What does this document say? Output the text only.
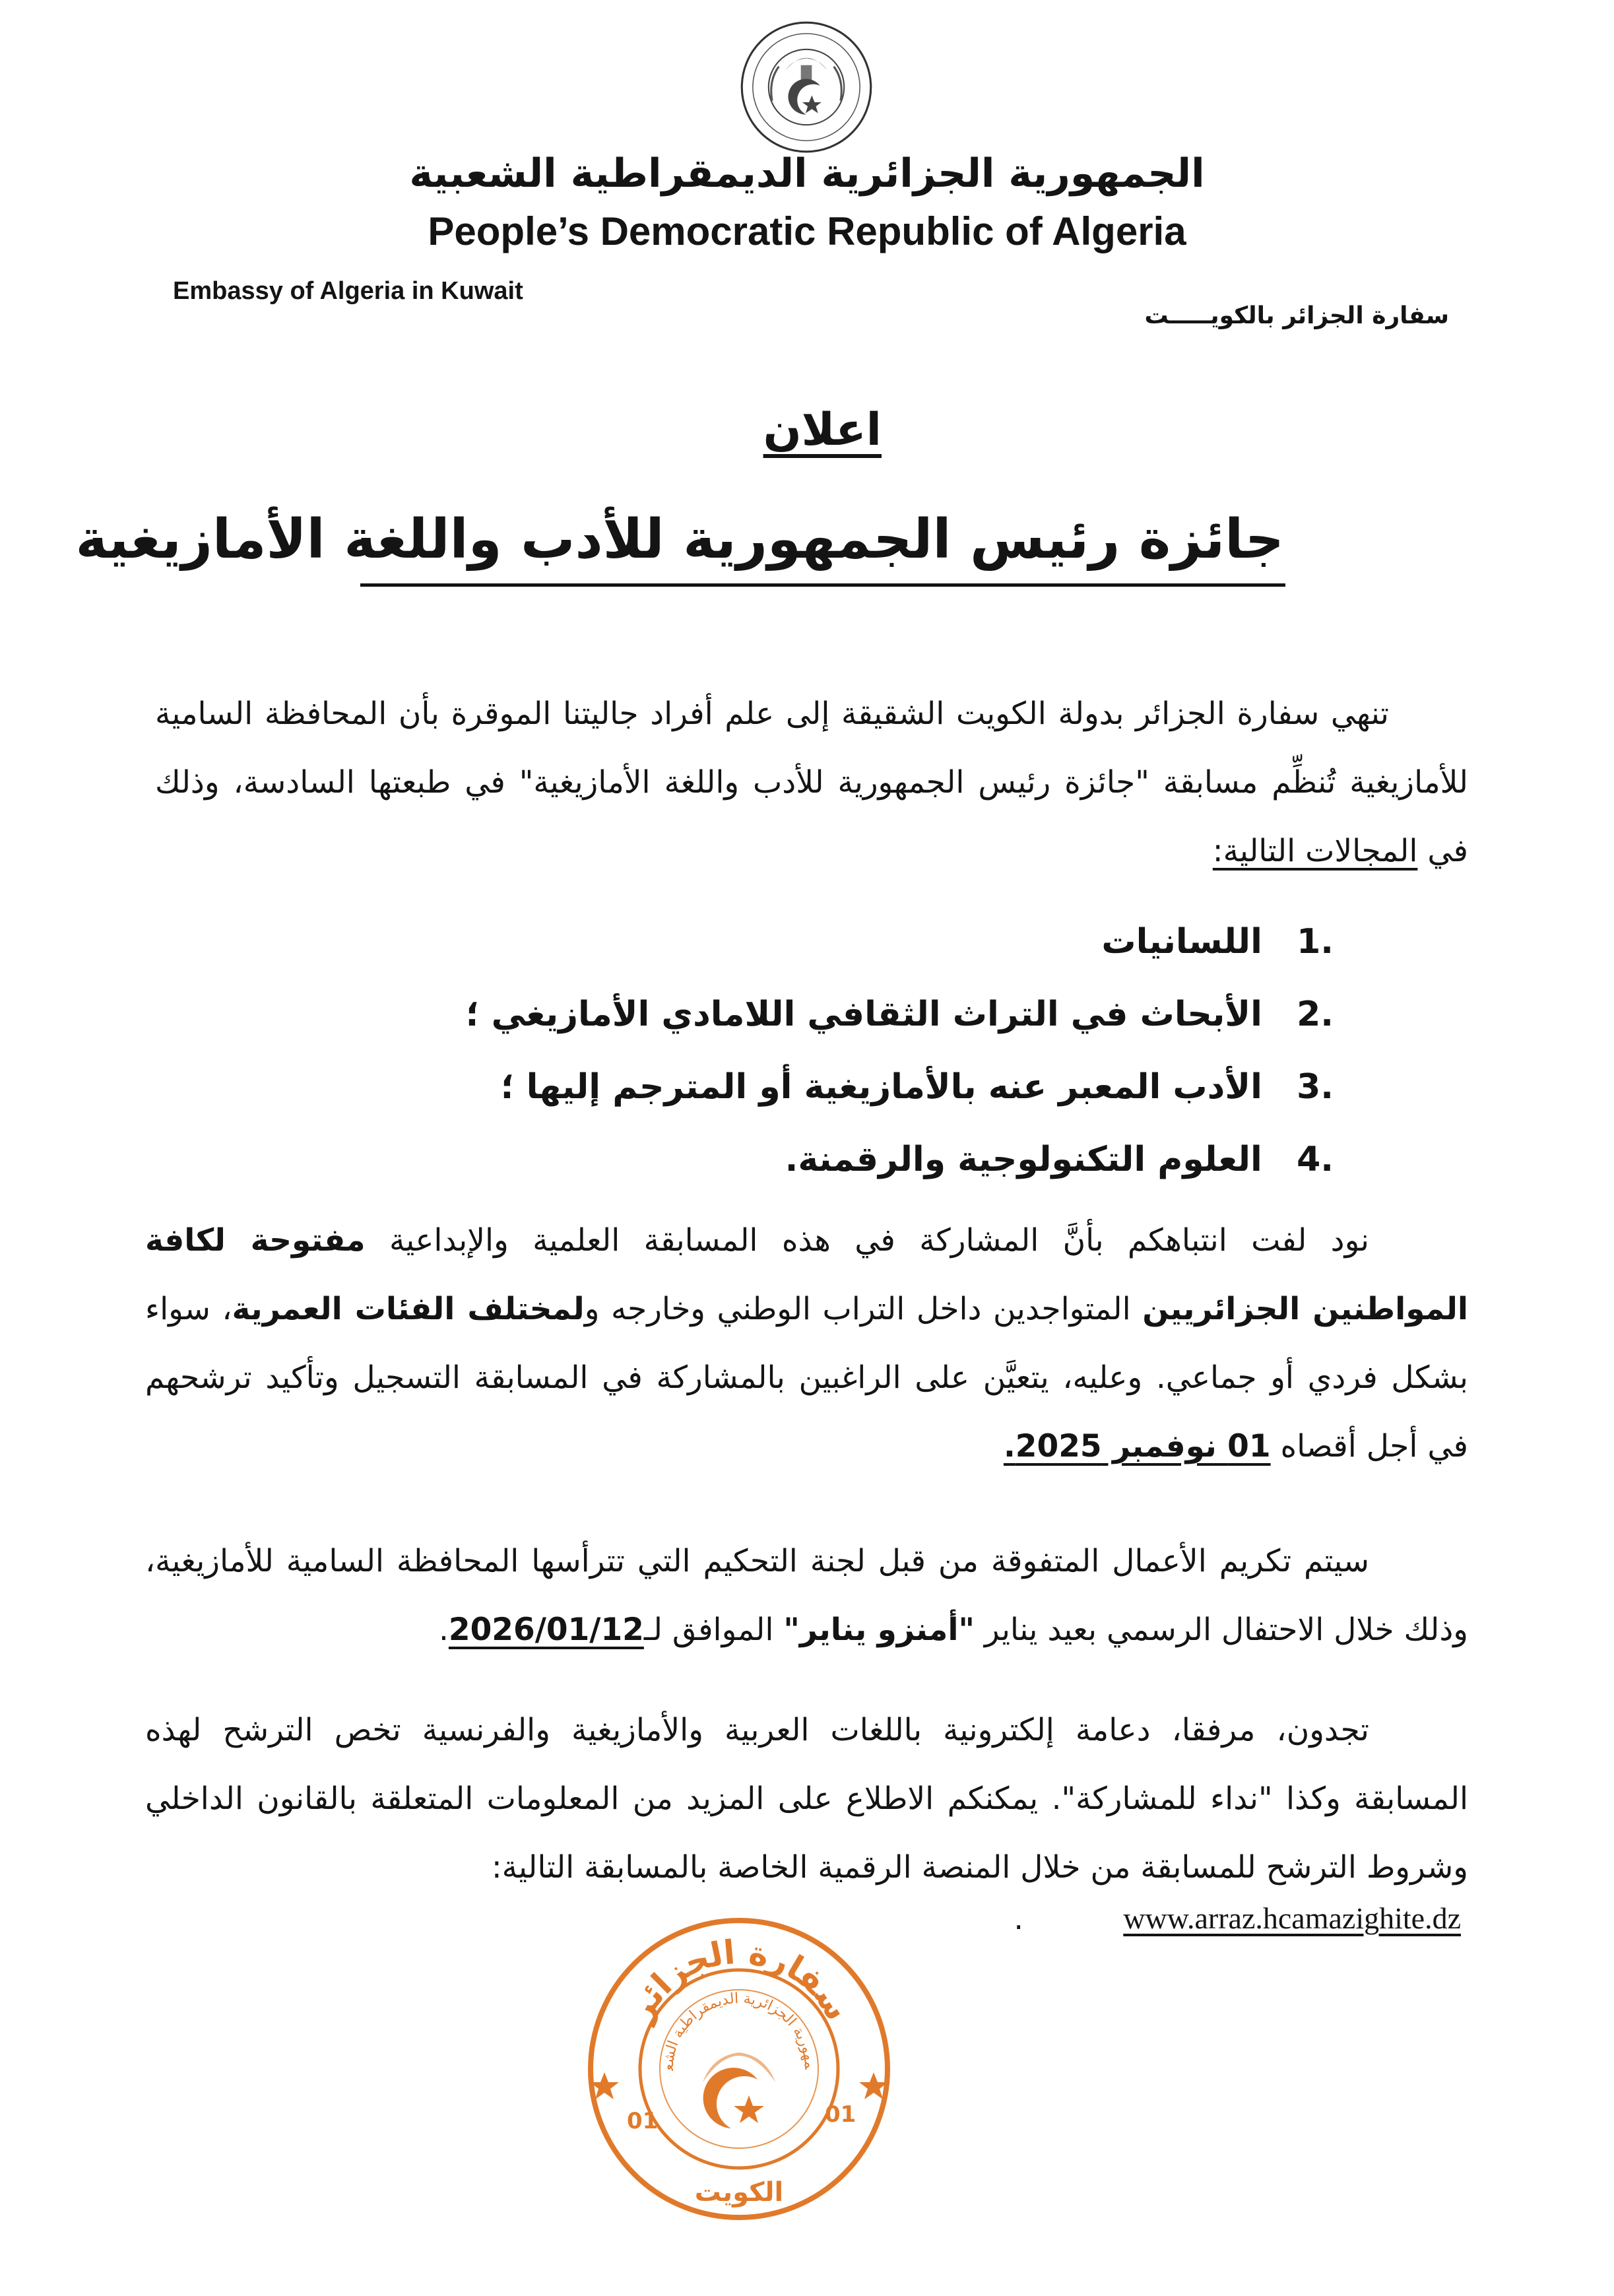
الجمهورية الجزائرية الديمقراطية الشعبية
People’s Democratic Republic of Algeria
Embassy of Algeria in Kuwait
سفارة الجزائر بالكويـــــت
اعلان
جائزة رئيس الجمهورية للأدب واللغة الأمازيغية
تنهي سفارة الجزائر بدولة الكويت الشقيقة إلى علم أفراد جاليتنا الموقرة بأن المحافظة السامية للأمازيغية تُنظِّم مسابقة "جائزة رئيس الجمهورية للأدب واللغة الأمازيغية" في طبعتها السادسة، وذلك في المجالات التالية:
1. اللسانيات
2. الأبحاث في التراث الثقافي اللامادي الأمازيغي ؛
3. الأدب المعبر عنه بالأمازيغية أو المترجم إليها ؛
4. العلوم التكنولوجية والرقمنة.
نود لفت انتباهكم بأنَّ المشاركة في هذه المسابقة العلمية والإبداعية مفتوحة لكافة المواطنين الجزائريين المتواجدين داخل التراب الوطني وخارجه ولمختلف الفئات العمرية، سواء بشكل فردي أو جماعي. وعليه، يتعيَّن على الراغبين بالمشاركة في المسابقة التسجيل وتأكيد ترشحهم في أجل أقصاه 01 نوفمبر 2025.
سيتم تكريم الأعمال المتفوقة من قبل لجنة التحكيم التي تترأسها المحافظة السامية للأمازيغية، وذلك خلال الاحتفال الرسمي بعيد يناير "أمنزو يناير" الموافق لـ2026/01/12.
تجدون، مرفقا، دعامة إلكترونية باللغات العربية والأمازيغية والفرنسية تخص الترشح لهذه المسابقة وكذا "نداء للمشاركة". يمكنكم الاطلاع على المزيد من المعلومات المتعلقة بالقانون الداخلي وشروط الترشح للمسابقة من خلال المنصة الرقمية الخاصة بالمسابقة التالية:
www.arraz.hcamazighite.dz
.
سفارة الجزائر
مهورية الجزائرية الديمقراطية الشع
01	01
الكويت
